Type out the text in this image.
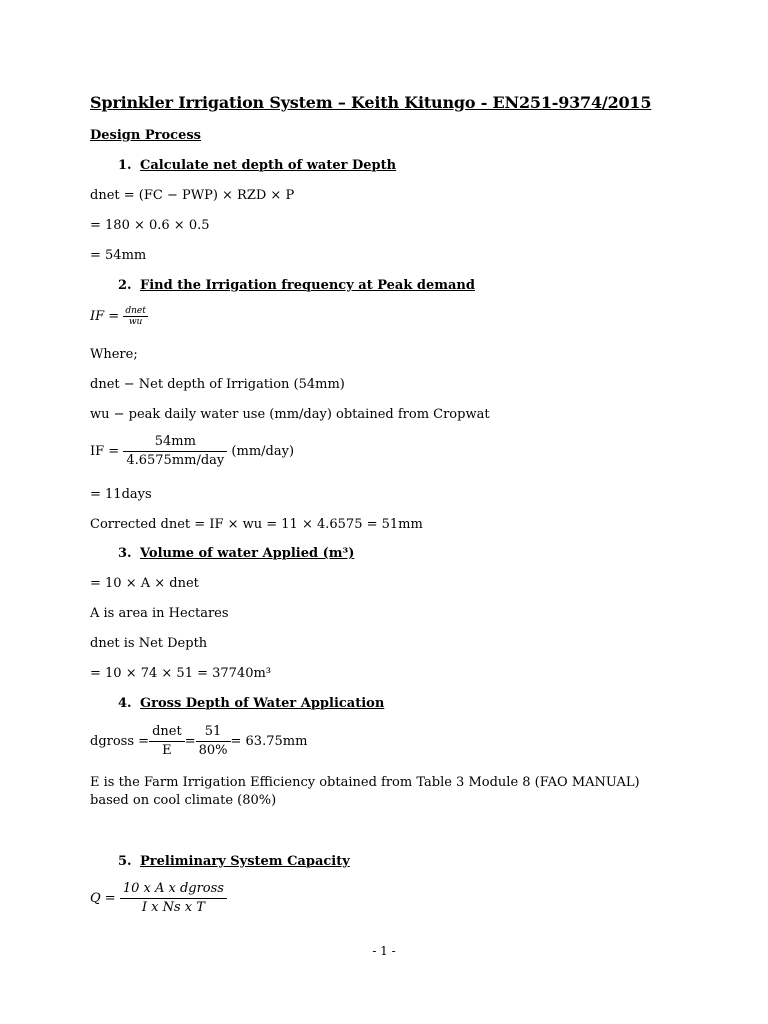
Sprinkler Irrigation System – Keith Kitungo - EN251-9374/2015
Design Process
1. Calculate net depth of water Depth
dnet = (FC − PWP) × RZD × P
= 180 × 0.6 × 0.5
= 54mm
2. Find the Irrigation frequency at Peak demand
IF = $\frac{\text{dnet}}{wu}$
Where;
dnet − Net depth of Irrigation (54mm)
wu − peak daily water use (mm/day) obtained from Cropwat
IF = $\frac{54mm}{\text{4.6575mm/day}} (mm/day)$
= 11days
Corrected dnet = IF × wu = 11 × 4.6575 = 51mm
3. Volume of water Applied (m³)
= 10 × A × dnet
A is area in Hectares
dnet is Net Depth
= 10 × 74 × 51 = 37740m³
4. Gross Depth of Water Application
dgross = $\frac{\text{dnet}}{E} = \frac{51}{80\%} = 63.75mm$
E is the Farm Irrigation Efficiency obtained from Table 3 Module 8 (FAO MANUAL) based on cool climate (80%)
5. Preliminary System Capacity
$Q = \frac{\text{10 x A x dgross}}{\text{I x Ns x T}}$
- 1 -
